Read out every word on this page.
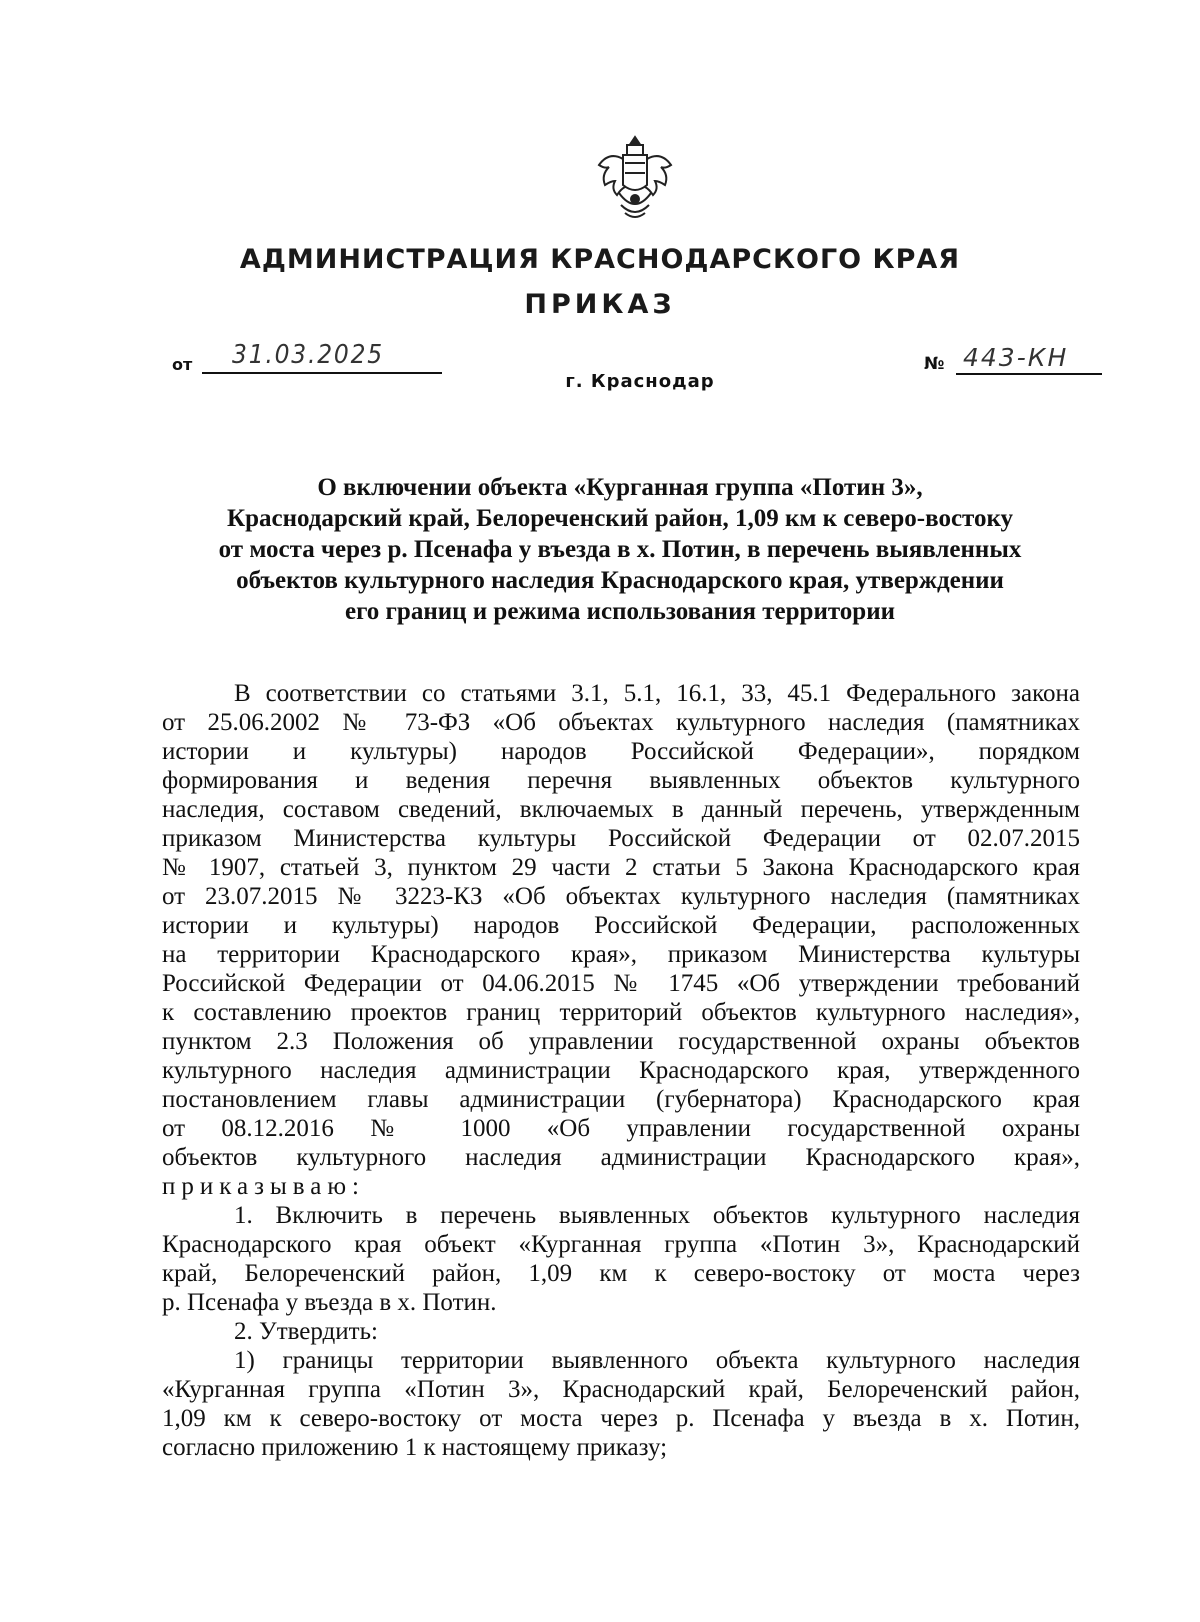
АДМИНИСТРАЦИЯ КРАСНОДАРСКОГО КРАЯ
ПРИКАЗ
от 31.03.2025	№ 443-КН
г. Краснодар
О включении объекта «Курганная группа «Потин 3»,
Краснодарский край, Белореченский район, 1,09 км к северо-востоку
от моста через р. Псенафа у въезда в х. Потин, в перечень выявленных
объектов культурного наследия Краснодарского края, утверждении
его границ и режима использования территории

В соответствии со статьями 3.1, 5.1, 16.1, 33, 45.1 Федерального закона

от 25.06.2002 № 73-ФЗ «Об объектах культурного наследия (памятниках

истории и культуры) народов Российской Федерации», порядком

формирования и ведения перечня выявленных объектов культурного

наследия, составом сведений, включаемых в данный перечень, утвержденным

приказом Министерства культуры Российской Федерации от 02.07.2015

№ 1907, статьей 3, пунктом 29 части 2 статьи 5 Закона Краснодарского края

от 23.07.2015 № 3223-КЗ «Об объектах культурного наследия (памятниках

истории и культуры) народов Российской Федерации, расположенных

на территории Краснодарского края», приказом Министерства культуры

Российской Федерации от 04.06.2015 № 1745 «Об утверждении требований

к составлению проектов границ территорий объектов культурного наследия»,

пунктом 2.3 Положения об управлении государственной охраны объектов

культурного наследия администрации Краснодарского края, утвержденного

постановлением главы администрации (губернатора) Краснодарского края

от 08.12.2016 № 1000 «Об управлении государственной охраны

объектов культурного наследия администрации Краснодарского края»,

приказываю:

1. Включить в перечень выявленных объектов культурного наследия

Краснодарского края объект «Курганная группа «Потин 3», Краснодарский

край, Белореченский район, 1,09 км к северо-востоку от моста через

р. Псенафа у въезда в х. Потин.

2. Утвердить:

1) границы территории выявленного объекта культурного наследия

«Курганная группа «Потин 3», Краснодарский край, Белореченский район,

1,09 км к северо-востоку от моста через р. Псенафа у въезда в х. Потин,

согласно приложению 1 к настоящему приказу;
